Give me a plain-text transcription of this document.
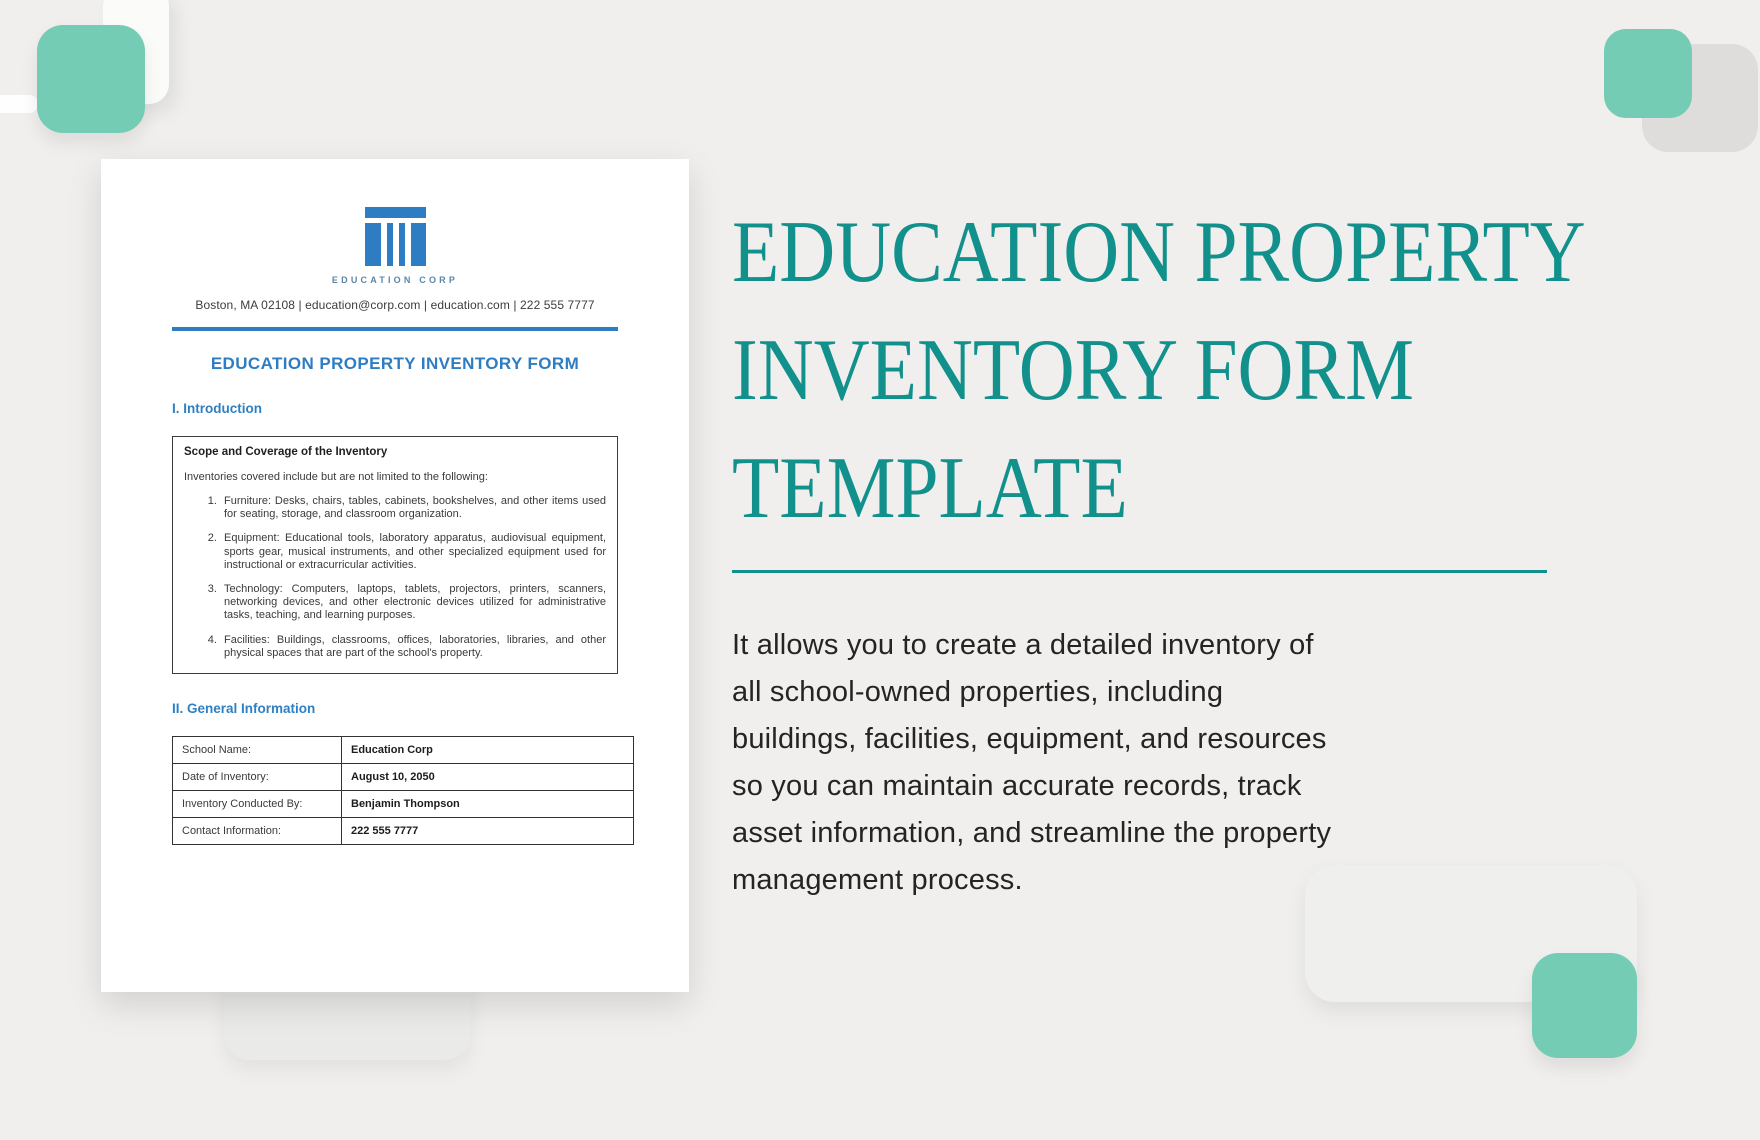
EDUCATION CORP
Boston, MA 02108 | education@corp.com | education.com | 222 555 7777
EDUCATION PROPERTY INVENTORY FORM
I. Introduction
Scope and Coverage of the Inventory
Inventories covered include but are not limited to the following:
1. Furniture: Desks, chairs, tables, cabinets, bookshelves, and other items used for seating, storage, and classroom organization.
2. Equipment: Educational tools, laboratory apparatus, audiovisual equipment, sports gear, musical instruments, and other specialized equipment used for instructional or extracurricular activities.
3. Technology: Computers, laptops, tablets, projectors, printers, scanners, networking devices, and other electronic devices utilized for administrative tasks, teaching, and learning purposes.
4. Facilities: Buildings, classrooms, offices, laboratories, libraries, and other physical spaces that are part of the school's property.
II. General Information
School Name:	Education Corp
Date of Inventory:	August 10, 2050
Inventory Conducted By:	Benjamin Thompson
Contact Information:	222 555 7777
EDUCATION PROPERTY
INVENTORY FORM
TEMPLATE
It allows you to create a detailed inventory of
all school-owned properties, including
buildings, facilities, equipment, and resources
so you can maintain accurate records, track
asset information, and streamline the property
management process.
